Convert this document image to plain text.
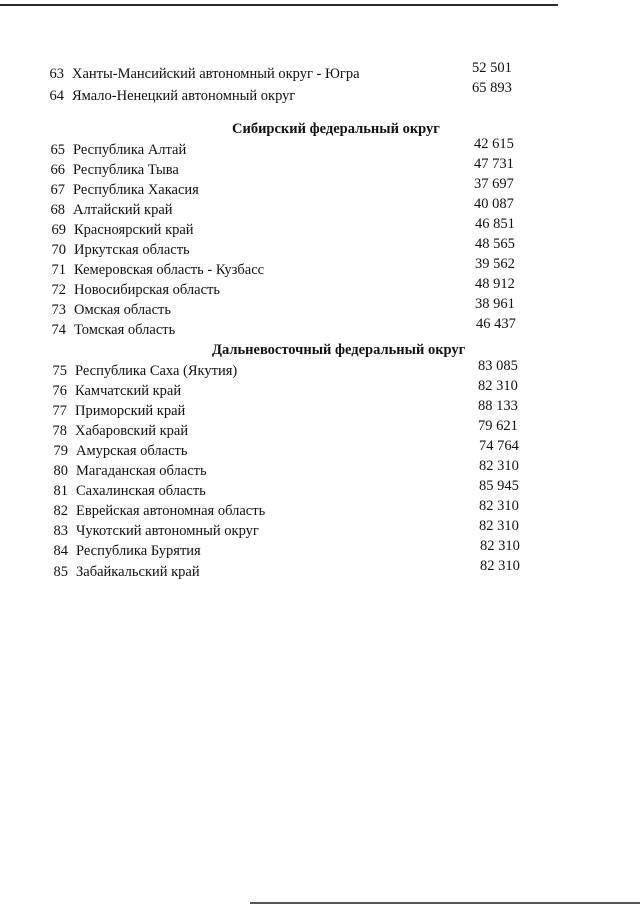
63 Ханты-Мансийский автономный округ - Югра	52 501
64 Ямало-Ненецкий автономный округ	65 893
Сибирский федеральный округ
65 Республика Алтай	42 615
66 Республика Тыва	47 731
67 Республика Хакасия	37 697
68 Алтайский край	40 087
69 Красноярский край	46 851
70 Иркутская область	48 565
71 Кемеровская область - Кузбасс	39 562
72 Новосибирская область	48 912
73 Омская область	38 961
74 Томская область	46 437
Дальневосточный федеральный округ
75 Республика Саха (Якутия)	83 085
76 Камчатский край	82 310
77 Приморский край	88 133
78 Хабаровский край	79 621
79 Амурская область	74 764
80 Магаданская область	82 310
81 Сахалинская область	85 945
82 Еврейская автономная область	82 310
83 Чукотский автономный округ	82 310
84 Республика Бурятия	82 310
85 Забайкальский край	82 310
